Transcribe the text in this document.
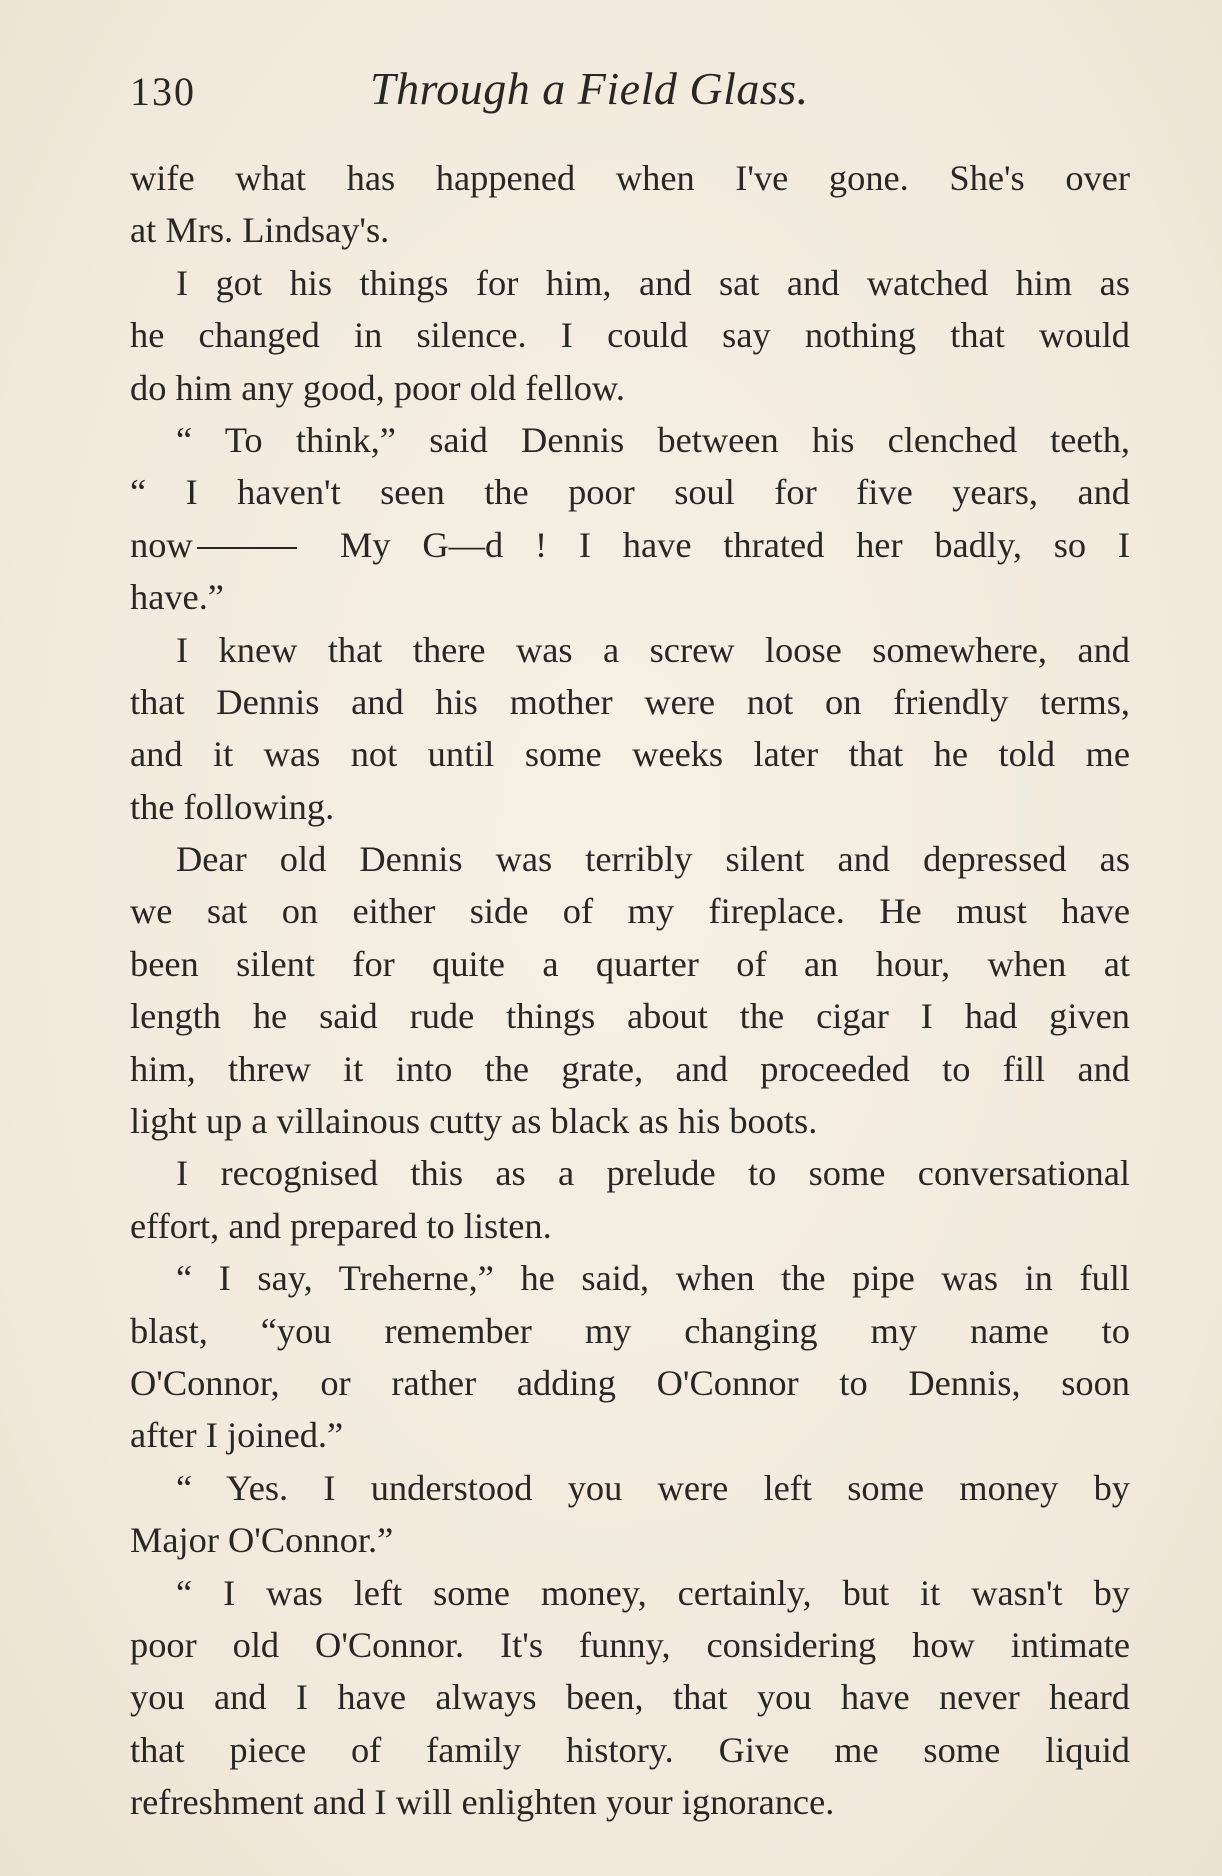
130	Through a Field Glass.
wife what has happened when I've gone. She's over
at Mrs. Lindsay's.
I got his things for him, and sat and watched him as
he changed in silence. I could say nothing that would
do him any good, poor old fellow.
“ To think,” said Dennis between his clenched teeth,
“ I haven't seen the poor soul for five years, and
now	My G—d ! I have thrated her badly, so I
have.”
I knew that there was a screw loose somewhere, and
that Dennis and his mother were not on friendly terms,
and it was not until some weeks later that he told me
the following.
Dear old Dennis was terribly silent and depressed as
we sat on either side of my fireplace. He must have
been silent for quite a quarter of an hour, when at
length he said rude things about the cigar I had given
him, threw it into the grate, and proceeded to fill and
light up a villainous cutty as black as his boots.
I recognised this as a prelude to some conversational
effort, and prepared to listen.
“ I say, Treherne,” he said, when the pipe was in full
blast, “you remember my changing my name to
O'Connor, or rather adding O'Connor to Dennis, soon
after I joined.”
“ Yes. I understood you were left some money by
Major O'Connor.”
“ I was left some money, certainly, but it wasn't by
poor old O'Connor. It's funny, considering how intimate
you and I have always been, that you have never heard
that piece of family history. Give me some liquid
refreshment and I will enlighten your ignorance.
